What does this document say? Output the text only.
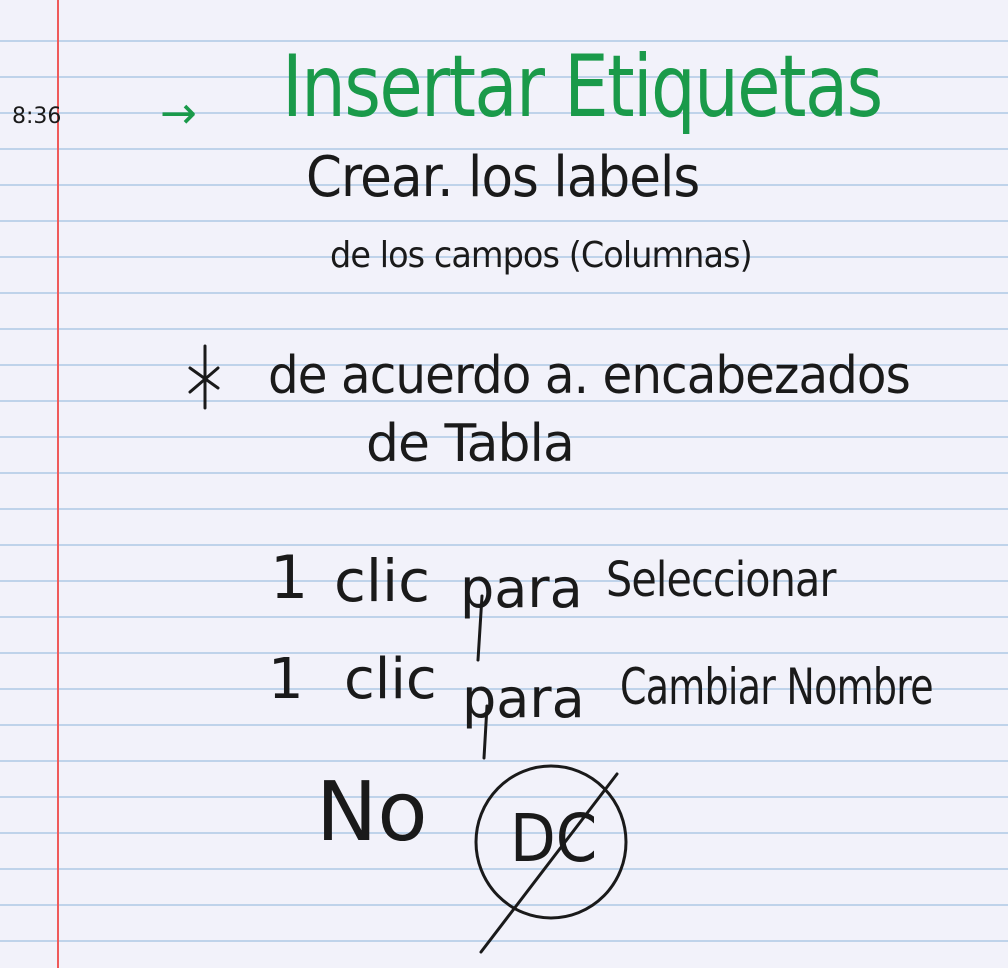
8:36 → Insertar Etiquetas
Crear. los labels
de los campos (Columnas)
de acuerdo a. encabezados
de Tabla
1 clic para Seleccionar
1 clic para Cambiar Nombre
No DC
